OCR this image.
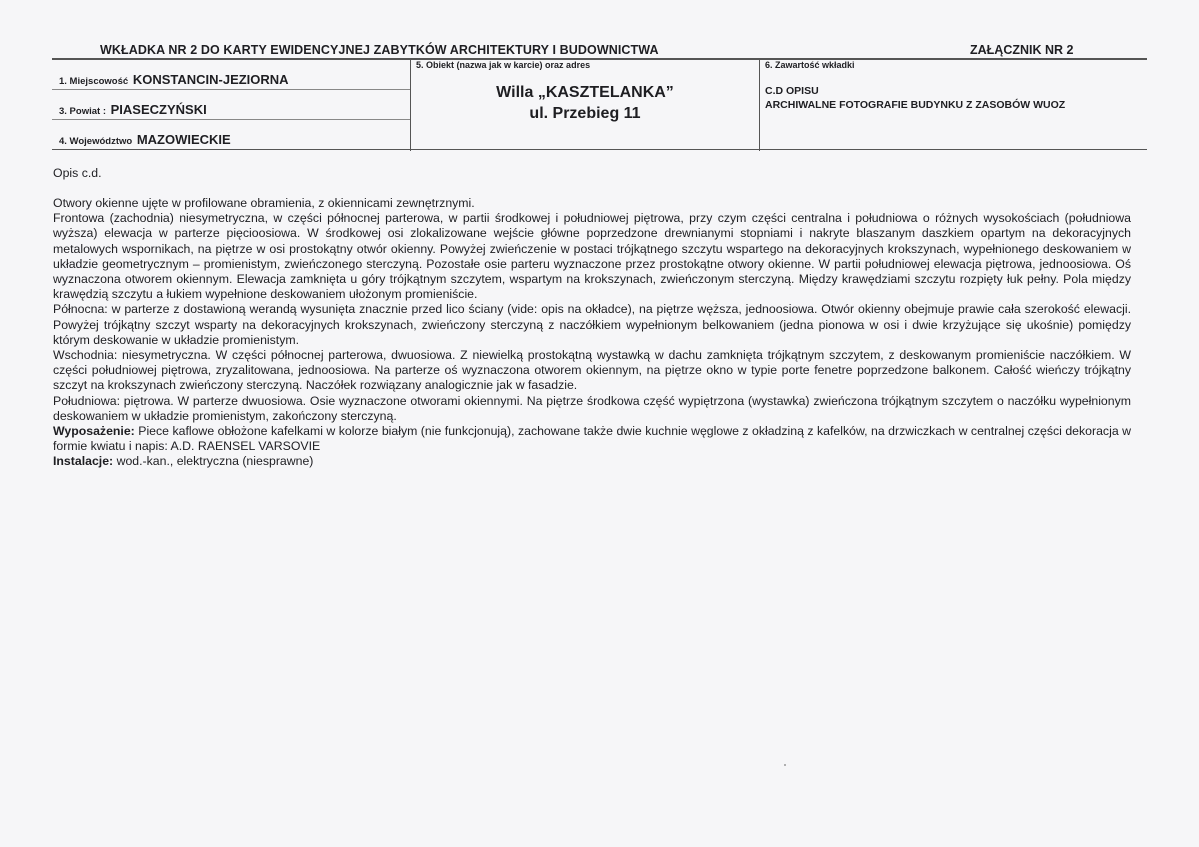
WKŁADKA NR 2 DO KARTY EWIDENCYJNEJ ZABYTKÓW ARCHITEKTURY I BUDOWNICTWA	ZAŁĄCZNIK NR 2
1. Miejscowość KONSTANCIN-JEZIORNA
3. Powiat : PIASECZYŃSKI
4. Województwo MAZOWIECKIE
5. Obiekt (nazwa jak w karcie) oraz adres
Willa „KASZTELANKA”
ul. Przebieg 11
6. Zawartość wkładki
C.D OPISU
ARCHIWALNE FOTOGRAFIE BUDYNKU Z ZASOBÓW WUOZ
Opis c.d.

Otwory okienne ujęte w profilowane obramienia, z okiennicami zewnętrznymi.

Frontowa (zachodnia) niesymetryczna, w części północnej parterowa, w partii środkowej i południowej piętrowa, przy czym części centralna i południowa o różnych wysokościach (południowa wyższa) elewacja w parterze pięcioosiowa. W środkowej osi zlokalizowane wejście główne poprzedzone drewnianymi stopniami i nakryte blaszanym daszkiem opartym na dekoracyjnych metalowych wspornikach, na piętrze w osi prostokątny otwór okienny. Powyżej zwieńczenie w postaci trójkątnego szczytu wspartego na dekoracyjnych krokszynach, wypełnionego deskowaniem w układzie geometrycznym – promienistym, zwieńczonego sterczyną. Pozostałe osie parteru wyznaczone przez prostokątne otwory okienne. W partii południowej elewacja piętrowa, jednoosiowa. Oś wyznaczona otworem okiennym. Elewacja zamknięta u góry trójkątnym szczytem, wspartym na krokszynach, zwieńczonym sterczyną. Między krawędziami szczytu rozpięty łuk pełny. Pola między krawędzią szczytu a łukiem wypełnione deskowaniem ułożonym promieniście.

Północna: w parterze z dostawioną werandą wysunięta znacznie przed lico ściany (vide: opis na okładce), na piętrze węższa, jednoosiowa. Otwór okienny obejmuje prawie cała szerokość elewacji. Powyżej trójkątny szczyt wsparty na dekoracyjnych krokszynach, zwieńczony sterczyną z naczółkiem wypełnionym belkowaniem (jedna pionowa w osi i dwie krzyżujące się ukośnie) pomiędzy którym deskowanie w układzie promienistym.

Wschodnia: niesymetryczna. W części północnej parterowa, dwuosiowa. Z niewielką prostokątną wystawką w dachu zamknięta trójkątnym szczytem, z deskowanym promieniście naczółkiem. W części południowej piętrowa, zryzalitowana, jednoosiowa. Na parterze oś wyznaczona otworem okiennym, na piętrze okno w typie porte fenetre poprzedzone balkonem. Całość wieńczy trójkątny szczyt na krokszynach zwieńczony sterczyną. Naczółek rozwiązany analogicznie jak w fasadzie.

Południowa: piętrowa. W parterze dwuosiowa. Osie wyznaczone otworami okiennymi. Na piętrze środkowa część wypiętrzona (wystawka) zwieńczona trójkątnym szczytem o naczółku wypełnionym deskowaniem w układzie promienistym, zakończony sterczyną.

Wyposażenie: Piece kaflowe obłożone kafelkami w kolorze białym (nie funkcjonują), zachowane także dwie kuchnie węglowe z okładziną z kafelków, na drzwiczkach w centralnej części dekoracja w formie kwiatu i napis: A.D. RAENSEL VARSOVIE

Instalacje: wod.-kan., elektryczna (niesprawne)
